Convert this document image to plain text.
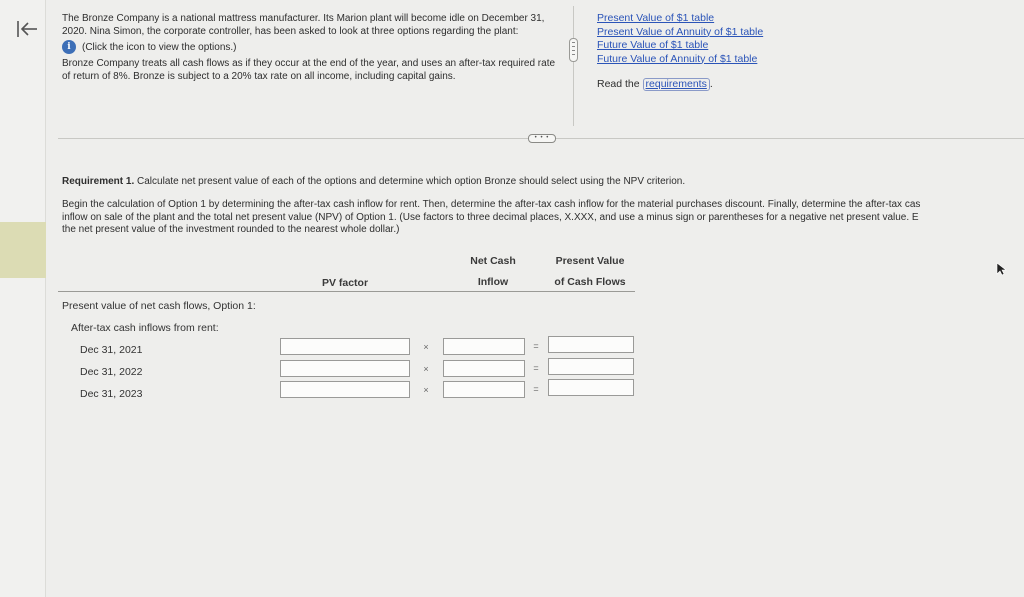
The Bronze Company is a national mattress manufacturer. Its Marion plant will become idle on December 31, 2020. Nina Simon, the corporate controller, has been asked to look at three options regarding the plant:

i	(Click the icon to view the options.)

Bronze Company treats all cash flows as if they occur at the end of the year, and uses an after-tax required rate of return of 8%. Bronze is subject to a 20% tax rate on all income, including capital gains.

Present Value of $1 table
Present Value of Annuity of $1 table
Future Value of $1 table
Future Value of Annuity of $1 table
Read the requirements .
• • •
Requirement 1. Calculate net present value of each of the options and determine which option Bronze should select using the NPV criterion.
Begin the calculation of Option 1 by determining the after-tax cash inflow for rent. Then, determine the after-tax cash inflow for the material purchases discount. Finally, determine the after-tax cas
inflow on sale of the plant and the total net present value (NPV) of Option 1. (Use factors to three decimal places, X.XXX, and use a minus sign or parentheses for a negative net present value. E
the net present value of the investment rounded to the nearest whole dollar.)
PV factor
Net Cash
Inflow
Present Value
of Cash Flows
Present value of net cash flows, Option 1:
After-tax cash inflows from rent:
Dec 31, 2021	×	=
Dec 31, 2022	×	=
Dec 31, 2023	×	=
